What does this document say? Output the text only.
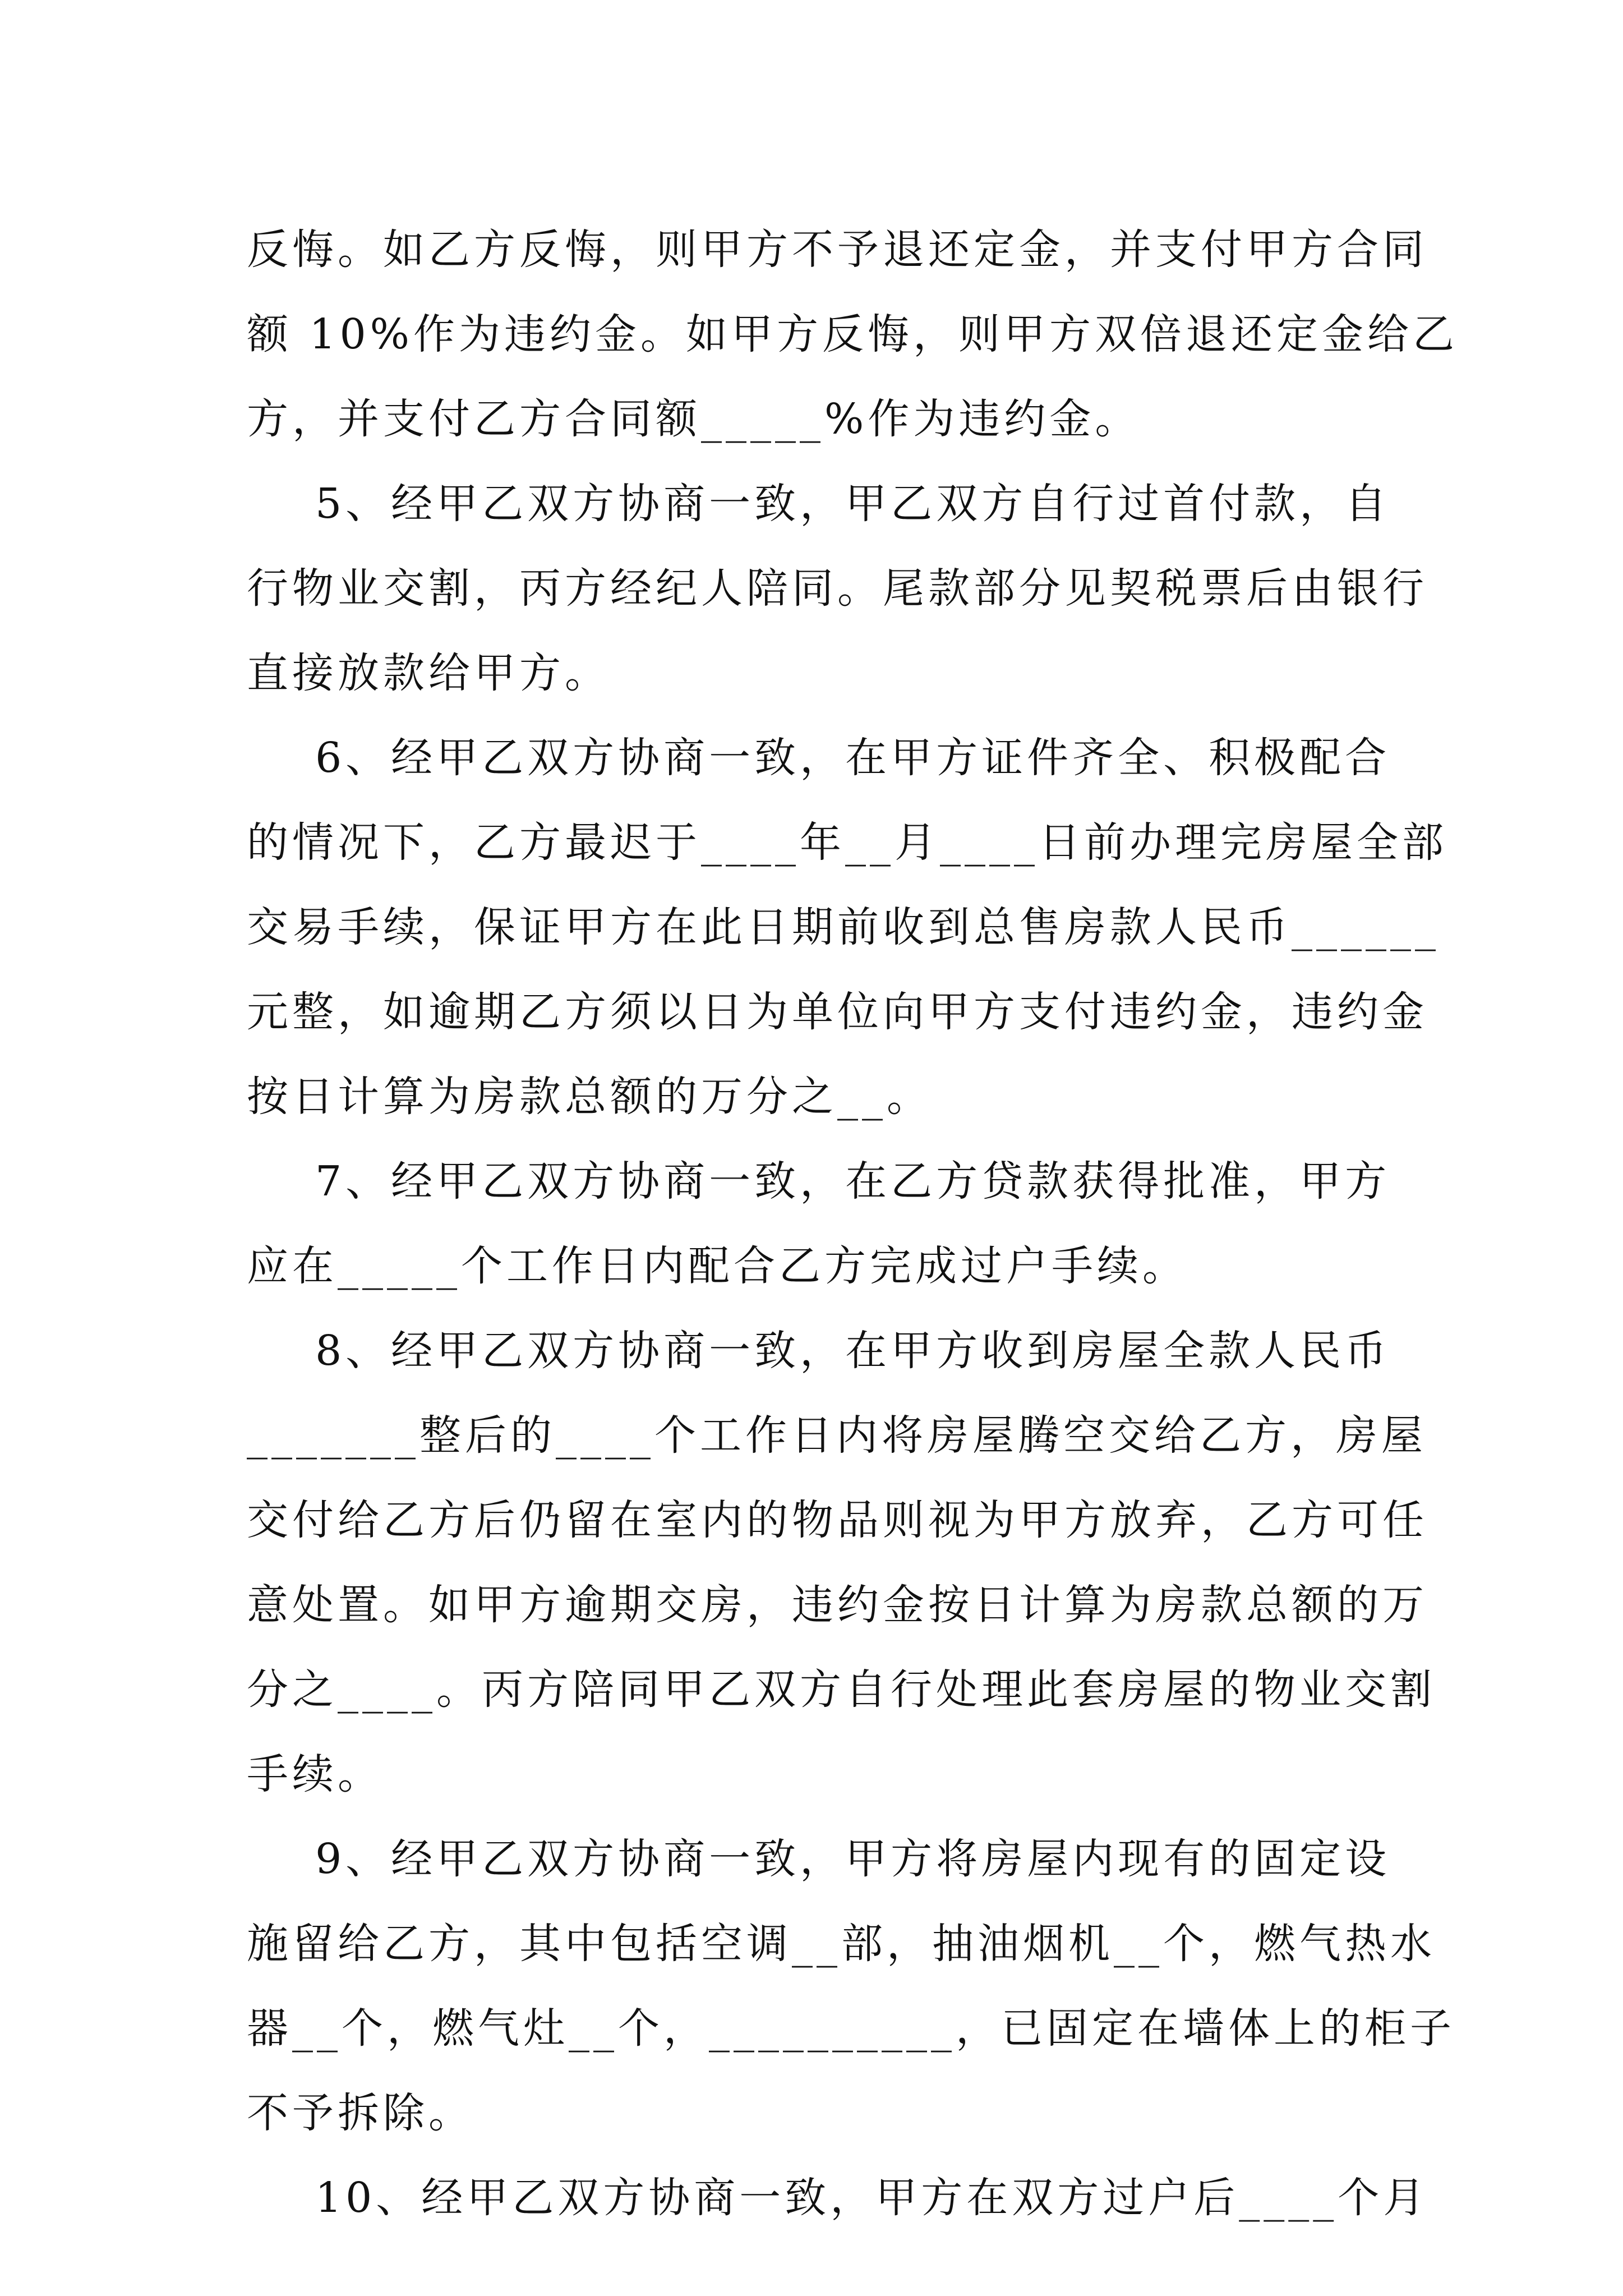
反悔。如乙方反悔，则甲方不予退还定金，并支付甲方合同
额 10%作为违约金。如甲方反悔，则甲方双倍退还定金给乙
方，并支付乙方合同额_____%作为违约金。
5、经甲乙双方协商一致，甲乙双方自行过首付款，自
行物业交割，丙方经纪人陪同。尾款部分见契税票后由银行
直接放款给甲方。
6、经甲乙双方协商一致，在甲方证件齐全、积极配合
的情况下，乙方最迟于____年__月____日前办理完房屋全部
交易手续，保证甲方在此日期前收到总售房款人民币______
元整，如逾期乙方须以日为单位向甲方支付违约金，违约金
按日计算为房款总额的万分之__。
7、经甲乙双方协商一致，在乙方贷款获得批准，甲方
应在_____个工作日内配合乙方完成过户手续。
8、经甲乙双方协商一致，在甲方收到房屋全款人民币
_______整后的____个工作日内将房屋腾空交给乙方，房屋
交付给乙方后仍留在室内的物品则视为甲方放弃，乙方可任
意处置。如甲方逾期交房，违约金按日计算为房款总额的万
分之____。丙方陪同甲乙双方自行处理此套房屋的物业交割
手续。
9、经甲乙双方协商一致，甲方将房屋内现有的固定设
施留给乙方，其中包括空调__部，抽油烟机__个，燃气热水
器__个，燃气灶__个，__________，已固定在墙体上的柜子
不予拆除。
10、经甲乙双方协商一致，甲方在双方过户后____个月
